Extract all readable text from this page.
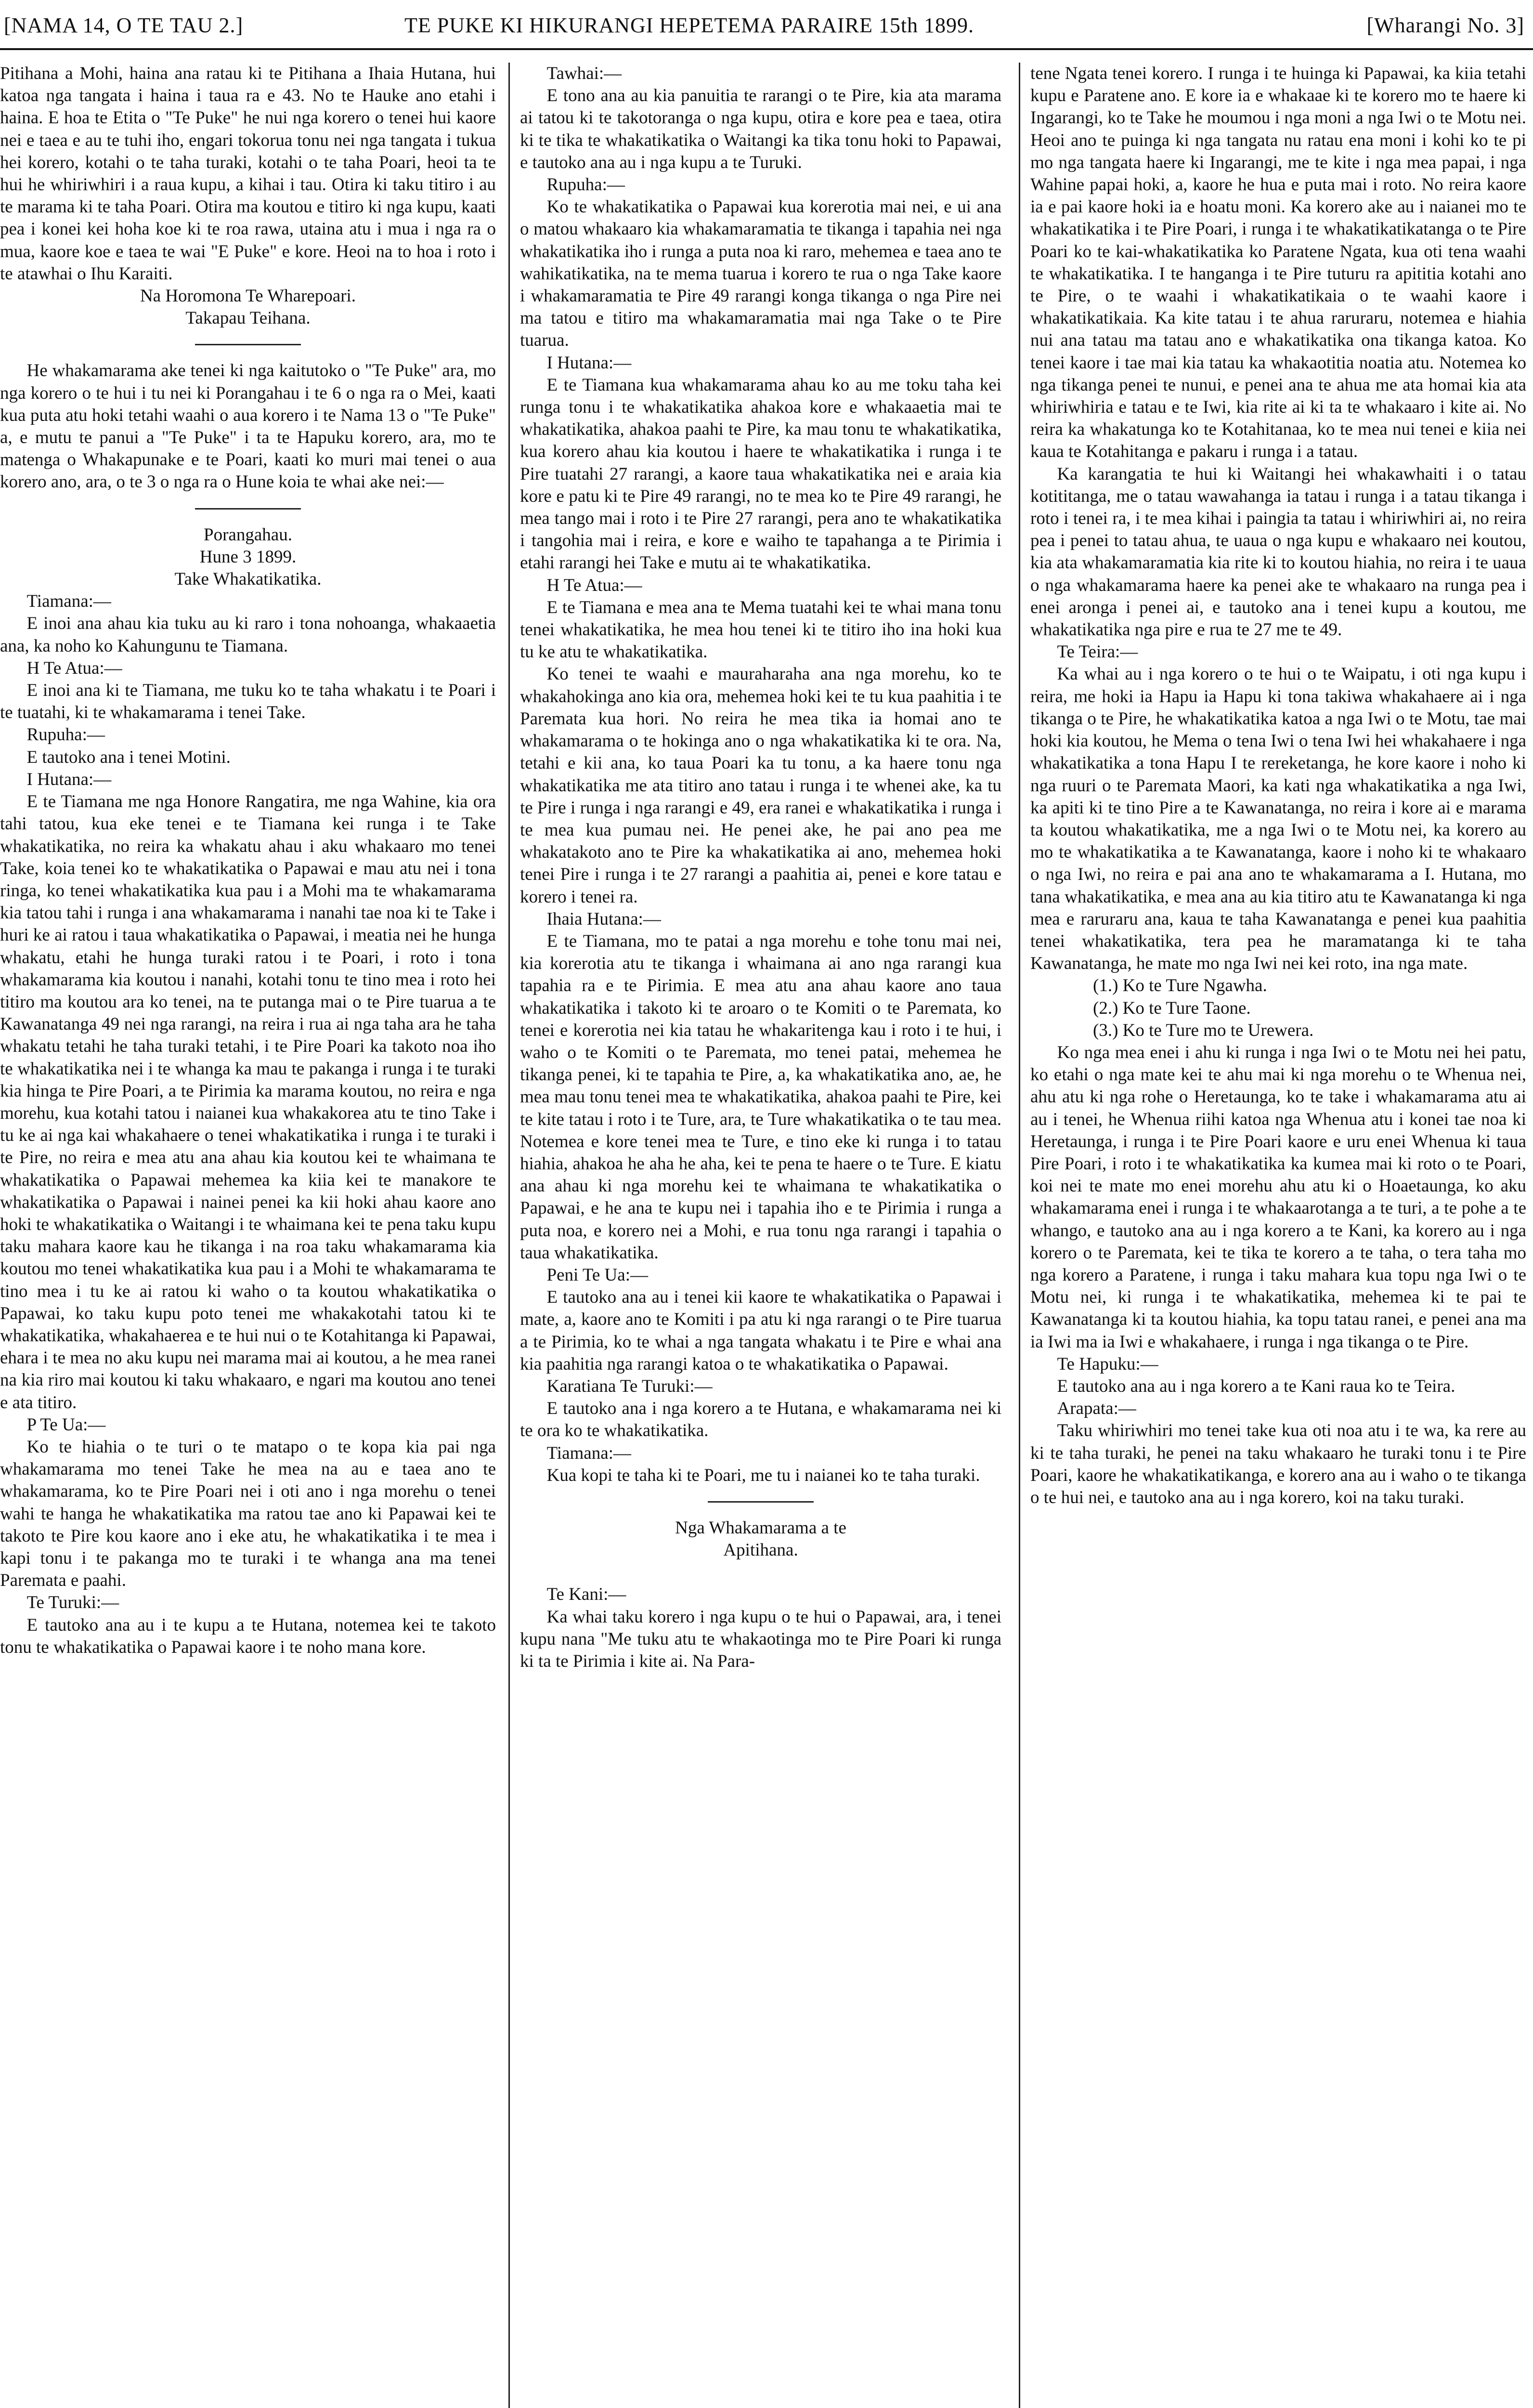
[NAMA 14, O TE TAU 2.]	TE PUKE KI HIKURANGI HEPETEMA PARAIRE 15th 1899.	[Wharangi No. 3]

Pitihana a Mohi, haina ana ratau ki te Pitihana a Ihaia Hutana, hui katoa nga tangata i haina i taua ra e 43. No te Hauke ano etahi i haina. E hoa te Etita o "Te Puke" he nui nga korero o tenei hui kaore nei e taea e au te tuhi iho, engari tokorua tonu nei nga tangata i tukua hei korero, kotahi o te taha turaki, kotahi o te taha Poari, heoi ta te hui he whiriwhiri i a raua kupu, a kihai i tau. Otira ki taku titiro i au te marama ki te taha Poari. Otira ma koutou e titiro ki nga kupu, kaati pea i konei kei hoha koe ki te roa rawa, utaina atu i mua i nga ra o mua, kaore koe e taea te wai "E Puke" e kore. Heoi na to hoa i roto i te atawhai o Ihu Karaiti.

Na Horomona Te Wharepoari.

Takapau Teihana.

He whakamarama ake tenei ki nga kaitutoko o "Te Puke" ara, mo nga korero o te hui i tu nei ki Porangahau i te 6 o nga ra o Mei, kaati kua puta atu hoki tetahi waahi o aua korero i te Nama 13 o "Te Puke" a, e mutu te panui a "Te Puke" i ta te Hapuku korero, ara, mo te matenga o Whakapunake e te Poari, kaati ko muri mai tenei o aua korero ano, ara, o te 3 o nga ra o Hune koia te whai ake nei:—

Porangahau.

Hune 3 1899.

Take Whakatikatika.

Tiamana:—

E inoi ana ahau kia tuku au ki raro i tona nohoanga, whakaaetia ana, ka noho ko Kahungunu te Tiamana.

H Te Atua:—

E inoi ana ki te Tiamana, me tuku ko te taha whakatu i te Poari i te tuatahi, ki te whakamarama i tenei Take.

Rupuha:—

E tautoko ana i tenei Motini.

I Hutana:—

E te Tiamana me nga Honore Rangatira, me nga Wahine, kia ora tahi tatou, kua eke tenei e te Tiamana kei runga i te Take whakatikatika, no reira ka whakatu ahau i aku whakaaro mo tenei Take, koia tenei ko te whakatikatika o Papawai e mau atu nei i tona ringa, ko tenei whakatikatika kua pau i a Mohi ma te whakamarama kia tatou tahi i runga i ana whakamarama i nanahi tae noa ki te Take i huri ke ai ratou i taua whakatikatika o Papawai, i meatia nei he hunga whakatu, etahi he hunga turaki ratou i te Poari, i roto i tona whakamarama kia koutou i nanahi, kotahi tonu te tino mea i roto hei titiro ma koutou ara ko tenei, na te putanga mai o te Pire tuarua a te Kawanatanga 49 nei nga rarangi, na reira i rua ai nga taha ara he taha whakatu tetahi he taha turaki tetahi, i te Pire Poari ka takoto noa iho te whakatikatika nei i te whanga ka mau te pakanga i runga i te turaki kia hinga te Pire Poari, a te Pirimia ka marama koutou, no reira e nga morehu, kua kotahi tatou i naianei kua whakakorea atu te tino Take i tu ke ai nga kai whakahaere o tenei whakatikatika i runga i te turaki i te Pire, no reira e mea atu ana ahau kia koutou kei te whaimana te whakatikatika o Papawai mehemea ka kiia kei te manakore te whakatikatika o Papawai i nainei penei ka kii hoki ahau kaore ano hoki te whakatikatika o Waitangi i te whaimana kei te pena taku kupu taku mahara kaore kau he tikanga i na roa taku whakamarama kia koutou mo tenei whakatikatika kua pau i a Mohi te whakamarama te tino mea i tu ke ai ratou ki waho o ta koutou whakatikatika o Papawai, ko taku kupu poto tenei me whakakotahi tatou ki te whakatikatika, whakahaerea e te hui nui o te Kotahitanga ki Papawai, ehara i te mea no aku kupu nei marama mai ai koutou, a he mea ranei na kia riro mai koutou ki taku whakaaro, e ngari ma koutou ano tenei e ata titiro.

P Te Ua:—

Ko te hiahia o te turi o te matapo o te kopa kia pai nga whakamarama mo tenei Take he mea na au e taea ano te whakamarama, ko te Pire Poari nei i oti ano i nga morehu o tenei wahi te hanga he whakatikatika ma ratou tae ano ki Papawai kei te takoto te Pire kou kaore ano i eke atu, he whakatikatika i te mea i kapi tonu i te pakanga mo te turaki i te whanga ana ma tenei Paremata e paahi.

Te Turuki:—

E tautoko ana au i te kupu a te Hutana, notemea kei te takoto tonu te whakatikatika o Papawai kaore i te noho mana kore.

Tawhai:—

E tono ana au kia panuitia te rarangi o te Pire, kia ata marama ai tatou ki te takotoranga o nga kupu, otira e kore pea e taea, otira ki te tika te whakatikatika o Waitangi ka tika tonu hoki to Papawai, e tautoko ana au i nga kupu a te Turuki.

Rupuha:—

Ko te whakatikatika o Papawai kua korerotia mai nei, e ui ana o matou whakaaro kia whakamaramatia te tikanga i tapahia nei nga whakatikatika iho i runga a puta noa ki raro, mehemea e taea ano te wahikatikatika, na te mema tuarua i korero te rua o nga Take kaore i whakamaramatia te Pire 49 rarangi konga tikanga o nga Pire nei ma tatou e titiro ma whakamaramatia mai nga Take o te Pire tuarua.

I Hutana:—

E te Tiamana kua whakamarama ahau ko au me toku taha kei runga tonu i te whakatikatika ahakoa kore e whakaaetia mai te whakatikatika, ahakoa paahi te Pire, ka mau tonu te whakatikatika, kua korero ahau kia koutou i haere te whakatikatika i runga i te Pire tuatahi 27 rarangi, a kaore taua whakatikatika nei e araia kia kore e patu ki te Pire 49 rarangi, no te mea ko te Pire 49 rarangi, he mea tango mai i roto i te Pire 27 rarangi, pera ano te whakatikatika i tangohia mai i reira, e kore e waiho te tapahanga a te Pirimia i etahi rarangi hei Take e mutu ai te whakatikatika.

H Te Atua:—

E te Tiamana e mea ana te Mema tuatahi kei te whai mana tonu tenei whakatikatika, he mea hou tenei ki te titiro iho ina hoki kua tu ke atu te whakatikatika.

Ko tenei te waahi e mauraharaha ana nga morehu, ko te whakahokinga ano kia ora, mehemea hoki kei te tu kua paahitia i te Paremata kua hori. No reira he mea tika ia homai ano te whakamarama o te hokinga ano o nga whakatikatika ki te ora. Na, tetahi e kii ana, ko taua Poari ka tu tonu, a ka haere tonu nga whakatikatika me ata titiro ano tatau i runga i te whenei ake, ka tu te Pire i runga i nga rarangi e 49, era ranei e whakatikatika i runga i te mea kua pumau nei. He penei ake, he pai ano pea me whakatakoto ano te Pire ka whakatikatika ai ano, mehemea hoki tenei Pire i runga i te 27 rarangi a paahitia ai, penei e kore tatau e korero i tenei ra.

Ihaia Hutana:—

E te Tiamana, mo te patai a nga morehu e tohe tonu mai nei, kia korerotia atu te tikanga i whaimana ai ano nga rarangi kua tapahia ra e te Pirimia. E mea atu ana ahau kaore ano taua whakatikatika i takoto ki te aroaro o te Komiti o te Paremata, ko tenei e korerotia nei kia tatau he whakaritenga kau i roto i te hui, i waho o te Komiti o te Paremata, mo tenei patai, mehemea he tikanga penei, ki te tapahia te Pire, a, ka whakatikatika ano, ae, he mea mau tonu tenei mea te whakatikatika, ahakoa paahi te Pire, kei te kite tatau i roto i te Ture, ara, te Ture whakatikatika o te tau mea. Notemea e kore tenei mea te Ture, e tino eke ki runga i to tatau hiahia, ahakoa he aha he aha, kei te pena te haere o te Ture. E kiatu ana ahau ki nga morehu kei te whaimana te whakatikatika o Papawai, e he ana te kupu nei i tapahia iho e te Pirimia i runga a puta noa, e korero nei a Mohi, e rua tonu nga rarangi i tapahia o taua whakatikatika.

Peni Te Ua:—

E tautoko ana au i tenei kii kaore te whakatikatika o Papawai i mate, a, kaore ano te Komiti i pa atu ki nga rarangi o te Pire tuarua a te Pirimia, ko te whai a nga tangata whakatu i te Pire e whai ana kia paahitia nga rarangi katoa o te whakatikatika o Papawai.

Karatiana Te Turuki:—

E tautoko ana i nga korero a te Hutana, e whakamarama nei ki te ora ko te whakatikatika.

Tiamana:—

Kua kopi te taha ki te Poari, me tu i naianei ko te taha turaki.

Nga Whakamarama a te

Apitihana.

Te Kani:—

Ka whai taku korero i nga kupu o te hui o Papawai, ara, i tenei kupu nana "Me tuku atu te whakaotinga mo te Pire Poari ki runga ki ta te Pirimia i kite ai. Na Para-

tene Ngata tenei korero. I runga i te huinga ki Papawai, ka kiia tetahi kupu e Paratene ano. E kore ia e whakaae ki te korero mo te haere ki Ingarangi, ko te Take he moumou i nga moni a nga Iwi o te Motu nei. Heoi ano te puinga ki nga tangata nu ratau ena moni i kohi ko te pi mo nga tangata haere ki Ingarangi, me te kite i nga mea papai, i nga Wahine papai hoki, a, kaore he hua e puta mai i roto. No reira kaore ia e pai kaore hoki ia e hoatu moni. Ka korero ake au i naianei mo te whakatikatika i te Pire Poari, i runga i te whakatikatikatanga o te Pire Poari ko te kai-whakatikatika ko Paratene Ngata, kua oti tena waahi te whakatikatika. I te hanganga i te Pire tuturu ra apititia kotahi ano te Pire, o te waahi i whakatikatikaia o te waahi kaore i whakatikatikaia. Ka kite tatau i te ahua raruraru, notemea e hiahia nui ana tatau ma tatau ano e whakatikatika ona tikanga katoa. Ko tenei kaore i tae mai kia tatau ka whakaotitia noatia atu. Notemea ko nga tikanga penei te nunui, e penei ana te ahua me ata homai kia ata whiriwhiria e tatau e te Iwi, kia rite ai ki ta te whakaaro i kite ai. No reira ka whakatunga ko te Kotahitanaa, ko te mea nui tenei e kiia nei kaua te Kotahitanga e pakaru i runga i a tatau.

Ka karangatia te hui ki Waitangi hei whakawhaiti i o tatau kotititanga, me o tatau wawahanga ia tatau i runga i a tatau tikanga i roto i tenei ra, i te mea kihai i paingia ta tatau i whiriwhiri ai, no reira pea i penei to tatau ahua, te uaua o nga kupu e whakaaro nei koutou, kia ata whakamaramatia kia rite ki to koutou hiahia, no reira i te uaua o nga whakamarama haere ka penei ake te whakaaro na runga pea i enei aronga i penei ai, e tautoko ana i tenei kupu a koutou, me whakatikatika nga pire e rua te 27 me te 49.

Te Teira:—

Ka whai au i nga korero o te hui o te Waipatu, i oti nga kupu i reira, me hoki ia Hapu ia Hapu ki tona takiwa whakahaere ai i nga tikanga o te Pire, he whakatikatika katoa a nga Iwi o te Motu, tae mai hoki kia koutou, he Mema o tena Iwi o tena Iwi hei whakahaere i nga whakatikatika a tona Hapu I te rereketanga, he kore kaore i noho ki nga ruuri o te Paremata Maori, ka kati nga whakatikatika a nga Iwi, ka apiti ki te tino Pire a te Kawanatanga, no reira i kore ai e marama ta koutou whakatikatika, me a nga Iwi o te Motu nei, ka korero au mo te whakatikatika a te Kawanatanga, kaore i noho ki te whakaaro o nga Iwi, no reira e pai ana ano te whakamarama a I. Hutana, mo tana whakatikatika, e mea ana au kia titiro atu te Kawanatanga ki nga mea e raruraru ana, kaua te taha Kawanatanga e penei kua paahitia tenei whakatikatika, tera pea he maramatanga ki te taha Kawanatanga, he mate mo nga Iwi nei kei roto, ina nga mate.

(1.) Ko te Ture Ngawha.
(2.) Ko te Ture Taone.
(3.) Ko te Ture mo te Urewera.

Ko nga mea enei i ahu ki runga i nga Iwi o te Motu nei hei patu, ko etahi o nga mate kei te ahu mai ki nga morehu o te Whenua nei, ahu atu ki nga rohe o Heretaunga, ko te take i whakamarama atu ai au i tenei, he Whenua riihi katoa nga Whenua atu i konei tae noa ki Heretaunga, i runga i te Pire Poari kaore e uru enei Whenua ki taua Pire Poari, i roto i te whakatikatika ka kumea mai ki roto o te Poari, koi nei te mate mo enei morehu ahu atu ki o Hoaetaunga, ko aku whakamarama enei i runga i te whakaarotanga a te turi, a te pohe a te whango, e tautoko ana au i nga korero a te Kani, ka korero au i nga korero o te Paremata, kei te tika te korero a te taha, o tera taha mo nga korero a Paratene, i runga i taku mahara kua topu nga Iwi o te Motu nei, ki runga i te whakatikatika, mehemea ki te pai te Kawanatanga ki ta koutou hiahia, ka topu tatau ranei, e penei ana ma ia Iwi ma ia Iwi e whakahaere, i runga i nga tikanga o te Pire.

Te Hapuku:—

E tautoko ana au i nga korero a te Kani raua ko te Teira.

Arapata:—

Taku whiriwhiri mo tenei take kua oti noa atu i te wa, ka rere au ki te taha turaki, he penei na taku whakaaro he turaki tonu i te Pire Poari, kaore he whakatikatikanga, e korero ana au i waho o te tikanga o te hui nei, e tautoko ana au i nga korero, koi na taku turaki.
